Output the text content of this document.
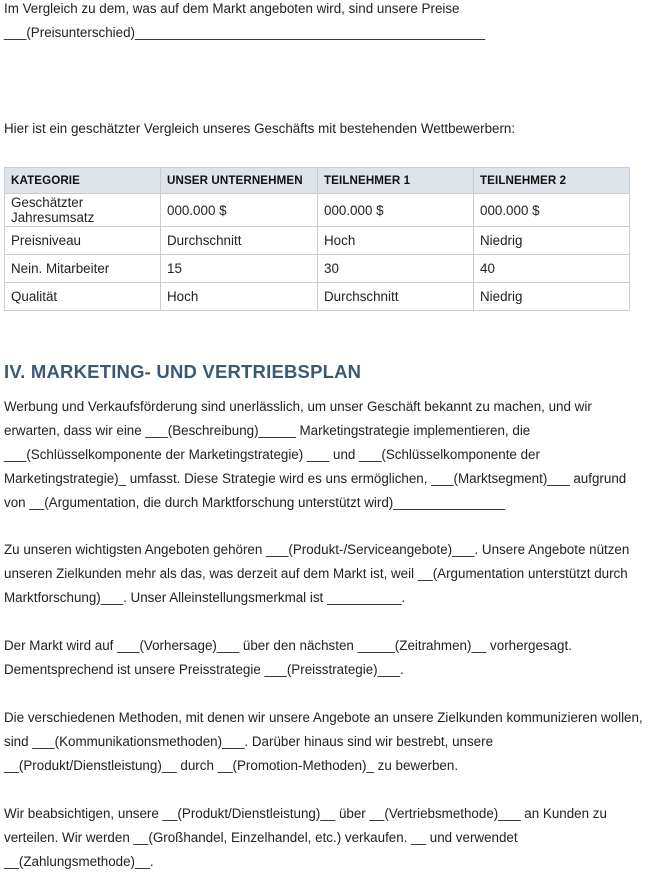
Im Vergleich zu dem, was auf dem Markt angeboten wird, sind unsere Preise

___(Preisunterschied)_______________________________________________

Hier ist ein geschätzter Vergleich unseres Geschäfts mit bestehenden Wettbewerbern:

KATEGORIE	UNSER UNTERNEHMEN	TEILNEHMER 1	TEILNEHMER 2

Geschätzter Jahresumsatz	000.000 $	000.000 $	000.000 $
Preisniveau	Durchschnitt	Hoch	Niedrig
Nein. Mitarbeiter	15	30	40
Qualität	Hoch	Durchschnitt	Niedrig
IV. MARKETING- UND VERTRIEBSPLAN

Werbung und Verkaufsförderung sind unerlässlich, um unser Geschäft bekannt zu machen, und wir erwarten, dass wir eine ___(Beschreibung)_____ Marketingstrategie implementieren, die ___(Schlüsselkomponente der Marketingstrategie) ___ und ___(Schlüsselkomponente der Marketingstrategie)_ umfasst. Diese Strategie wird es uns ermöglichen, ___(Marktsegment)___ aufgrund von __(Argumentation, die durch Marktforschung unterstützt wird)_______________

Zu unseren wichtigsten Angeboten gehören ___(Produkt-/Serviceangebote)___. Unsere Angebote nützen unseren Zielkunden mehr als das, was derzeit auf dem Markt ist, weil __(Argumentation unterstützt durch Marktforschung)___. Unser Alleinstellungsmerkmal ist __________.

Der Markt wird auf ___(Vorhersage)___ über den nächsten _____(Zeitrahmen)__ vorhergesagt. Dementsprechend ist unsere Preisstrategie ___(Preisstrategie)___.

Die verschiedenen Methoden, mit denen wir unsere Angebote an unsere Zielkunden kommunizieren wollen, sind ___(Kommunikationsmethoden)___. Darüber hinaus sind wir bestrebt, unsere __(Produkt/Dienstleistung)__ durch __(Promotion-Methoden)_ zu bewerben.

Wir beabsichtigen, unsere __(Produkt/Dienstleistung)__ über __(Vertriebsmethode)___ an Kunden zu verteilen. Wir werden __(Großhandel, Einzelhandel, etc.) verkaufen. __ und verwendet __(Zahlungsmethode)__.
